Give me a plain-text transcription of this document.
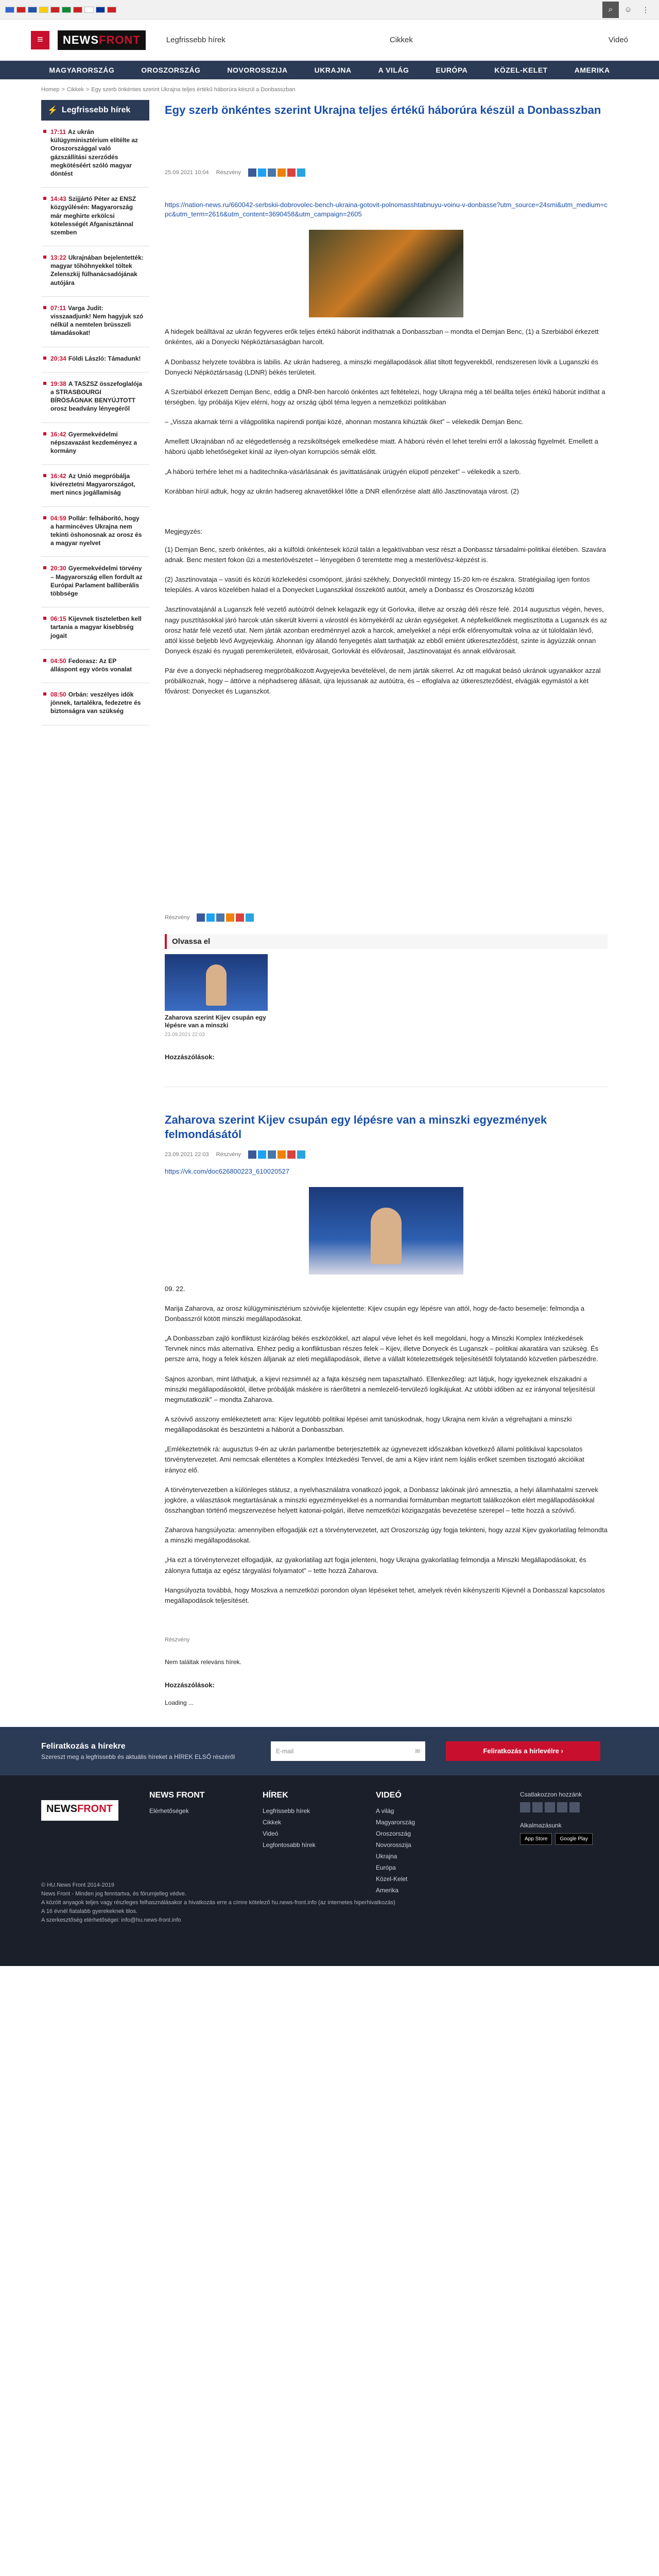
⌕	☺	⋮
≡	NEWSFRONT	Legfrissebb hírek	Cikkek	Videó
MAGYARORSZÁG	OROSZORSZÁG	NOVOROSSZIJA	UKRAJNA	A VILÁG	EURÓPA	KÖZEL-KELET	AMERIKA
Homep > Cikkek > Egy szerb önkéntes szerint Ukrajna teljes értékű háborúra készül a Donbasszban
⚡ Legfrissebb hírek
17:11 Az ukrán külügyminisztérium elítélte az Oroszországgal való gázszállítási szerződés megkötéséért szóló magyar döntést
14:43 Szijjártó Péter az ENSZ közgyűlésén: Magyarország már meghirte erkölcsi kötelességét Afganisztánnal szemben
13:22 Ukrajnában bejelentették: magyar tőhöhnyekkel töltek Zelenszkij fülhanácsadójának autójára
07:11 Varga Judit: visszaadjunk! Nem hagyjuk szó nélkül a nemtelen brüsszeli támadásokat!
20:34 Földi László: Támadunk!
19:38 A TASZSZ összefoglalója a STRASBOURGI BÍRÓSÁGNAK BENYÚJTOTT orosz beadvány lényegéről
16:42 Gyermekvédelmi népszavazást kezdeményez a kormány
16:42 Az Unió megpróbálja kivéreztetni Magyarországot, mert nincs jogállamiság
04:59 Pollár: felháborító, hogy a harmincéves Ukrajna nem tekinti öshonosnak az orosz és a magyar nyelvet
20:30 Gyermekvédelmi törvény – Magyarország ellen fordult az Európai Parlament balliberális többsége
06:15 Kijevnek tiszteletben kell tartania a magyar kisebbség jogait
04:50 Fedorasz: Az EP álláspont egy vörös vonalat
08:50 Orbán: veszélyes idők jönnek, tartalékra, fedezetre és biztonságra van szükség
Egy szerb önkéntes szerint Ukrajna teljes értékű háborúra készül a Donbasszban
25.09.2021 10:04 Részvény
https://nation-news.ru/660042-serbskii-dobrovolec-bench-ukraina-gotovit-polnomasshtabnuyu-voinu-v-donbasse?utm_source=24smi&utm_medium=cpc&utm_term=2616&utm_content=3690458&utm_campaign=2605

A hidegek beálltával az ukrán fegyveres erők teljes értékű háborút indíthatnak a Donbasszban – mondta el Demjan Benc, (1) a Szerbiából érkezett önkéntes, aki a Donyecki Népköztársaságban harcolt.

A Donbassz helyzete továbbra is labilis. Az ukrán hadsereg, a minszki megállapodások állat tiltott fegyverekből, rendszeresen lövik a Luganszki és Donyecki Népköztársaság (LDNR) békés területeit.

A Szerbiából érkezett Demjan Benc, eddig a DNR-ben harcoló önkéntes azt feltételezi, hogy Ukrajna még a tél beállta teljes értékű háborút indíthat a térségben. Így próbálja Kijev elérni, hogy az ország újból téma legyen a nemzetközi politikában

– „Vissza akarnak térni a világpolitika napirendi pontjai közé, ahonnan mostanra kihúzták őket” – vélekedik Demjan Benc.

Amellett Ukrajnában nő az elégedetlenség a rezsiköltségek emelkedése miatt. A háború révén el lehet terelni erről a lakosság figyelmét. Emellett a háború újabb lehetőségeket kínál az ilyen-olyan korrupciós sémák előtt.

„A háború terhére lehet mi a haditechnika-vásárlásának és javíttatásának ürügyén elüpotl pénzeket” – vélekedik a szerb.

Korábban hírül adtuk, hogy az ukrán hadsereg aknavetőkkel lőtte a DNR ellenőrzése alatt álló Jasztinovataja várost. (2)

Megjegyzés:

(1) Demjan Benc, szerb önkéntes, aki a külföldi önkéntesek közül talán a legaktívabban vesz részt a Donbassz társadalmi-politikai életében. Szavára adnak. Benc mestert fokon űzi a mesterlövészetet – lényegében ő teremtette meg a mesterlövész-képzést is.

(2) Jasztinovataja – vasúti és közúti közlekedési csomópont, járási székhely, Donyecktől mintegy 15-20 km-re északra. Stratégiailag igen fontos település. A város közelében halad el a Donyecket Luganszkkal összekötő autóút, amely a Donbassz és Oroszország közötti

Jasztinovatajánál a Luganszk felé vezető autóútról delnek kelagazik egy út Gorlovka, illetve az ország déli része felé. 2014 augusztus végén, heves, nagy pusztításokkal járó harcok után sikerült kiverni a várostól és környékéről az ukrán egységeket. A népfelkelőknek megtisztította a Luganszk és az orosz határ felé vezető utat. Nem járták azonban eredménnyel azok a harcok, amelyekkel a népi erők előrenyomultak volna az út túloldalán lévő, attól kissé beljebb lévő Avgyejevkáig. Ahonnan így állandó fenyegetés alatt tarthatják az ebből emiént útkereszteződést, szinte is ágyúzzák onnan Donyeck északi és nyugati peremkerületeit, elővárosait, Gorlovkát és elővárosait, Jasztinovatajat és annak elővárosait.

Pár éve a donyecki néphadsereg megpróbálkozott Avgyejevka bevételével, de nem járták sikerrel. Az ott magukat beásó ukránok ugyanakkor azzal próbálkoznak, hogy – áttörve a néphadsereg állásait, újra lejussanak az autóútra, és – elfoglalva az útkereszteződést, elvágják egymástól a két fővárost: Donyecket és Luganszkot.

Részvény
Olvassa el
Zaharova szerint Kijev csupán egy lépésre van a minszki
23.09.2021 22:03
Hozzászólások:
Zaharova szerint Kijev csupán egy lépésre van a minszki egyezmények felmondásától
23.09.2021 22:03 Részvény
https://vk.com/doc626800223_610020527

09. 22.

Marija Zaharova, az orosz külügyminisztérium szóvivője kijelentette: Kijev csupán egy lépésre van attól, hogy de-facto besemelje: felmondja a Donbasszról kötött minszki megállapodásokat.

„A Donbasszban zajló konfliktust kizárólag békés eszközökkel, azt alapul véve lehet és kell megoldani, hogy a Minszki Komplex Intézkedések Tervnek nincs más alternatíva. Ehhez pedig a konfliktusban részes felek – Kijev, illetve Donyeck és Luganszk – politikai akaratára van szükség. És persze arra, hogy a felek készen álljanak az eleti megállapodások, illetve a vállalt kötelezettségek teljesítésétől folytatandó közvetlen párbeszédre.

Sajnos azonban, mint láthatjuk, a kijevi rezsimnél az a fajta készség nem tapasztalható. Ellenkezőleg: azt látjuk, hogy igyekeznek elszakadni a minszki megállapodásoktól, illetve próbálják máskére is ráerőltetni a nemlezelő-tervülező logikájukat. Az utóbbi időben az ez irányonal teljesítésül megmutatkozik” – mondta Zaharova.

A szóvivő asszony emlékeztetett arra: Kijev legutóbb politikai lépései amit tanúskodnak, hogy Ukrajna nem kíván a végrehajtani a minszki megállapodásokat és beszüntetni a háborút a Donbasszban.

„Emlékeztetnék rá: augusztus 9-én az ukrán parlamentbe beterjesztették az úgynevezett időszakban következő állami politikával kapcsolatos törvénytervezetet. Ami nemcsak ellentétes a Komplex Intézkedési Tervvel, de ami a Kijev iránt nem lojális erőket szemben tisztogató akcióikat irányoz elő.

A törvénytervezetben a különleges státusz, a nyelvhasználatra vonatkozó jogok, a Donbassz lakóinak járó amnesztia, a helyi államhatalmi szervek jogköre, a választások megtartásának a minszki egyezményekkel és a normandiai formátumban megtartott találkozókon elért megállapodásokkal összhangban történő megszervezése helyett katonai-polgári, illetve nemzetközi közigazgatás bevezetése szerepel – tette hozzá a szóvivő.

Zaharova hangsúlyozta: amennyiben elfogadják ezt a törvénytervezetet, azt Oroszország úgy fogja tekinteni, hogy azzal Kijev gyakorlatilag felmondta a minszki megállapodásokat.

„Ha ezt a törvénytervezet elfogadják, az gyakorlatilag azt fogja jelenteni, hogy Ukrajna gyakorlatilag felmondja a Minszki Megállapodásokat, és zálonyra futtatja az egész tárgyalási folyamatot” – tette hozzá Zaharova.

Hangsúlyozta továbbá, hogy Moszkva a nemzetközi porondon olyan lépéseket tehet, amelyek révén kikényszeríti Kijevnél a Donbasszal kapcsolatos megállapodások teljesítését.

Részvény
Nem találtak releváns hírek.
Hozzászólások:
Loading ...
Feliratkozás a hírekre

Szereszt meg a legfrissebb és aktuális híreket a HÍREK ELSŐ részéről

E-mail	✉	Feliratkozás a hírlevélre ›
NEWSFRONT
NEWS FRONT
Elérhetőségek
HÍREK
Legfrissebb hírek
Cikkek
Videó
Legfontosabb hírek
VIDEÓ
A világ
Magyarország
Oroszország
Novorosszija
Ukrajna
Európa
Közel-Kelet
Amerika
Csatlakozzon hozzánk
Alkalmazásunk
App Store	Google Play
© HU.News Front 2014-2019
News Front - Minden jog fenntartva, és fórumjelleg védve.
A közölt anyagok teljes vagy részleges felhasználásakor a hivatkozás erre a címre kötelező hu.news-front.info (az internetes hiperhivatkozás)
A 16 évnél fiatalabb gyerekeknek tilos.
A szerkesztőség elérhetőségei: info@hu.news-front.info
